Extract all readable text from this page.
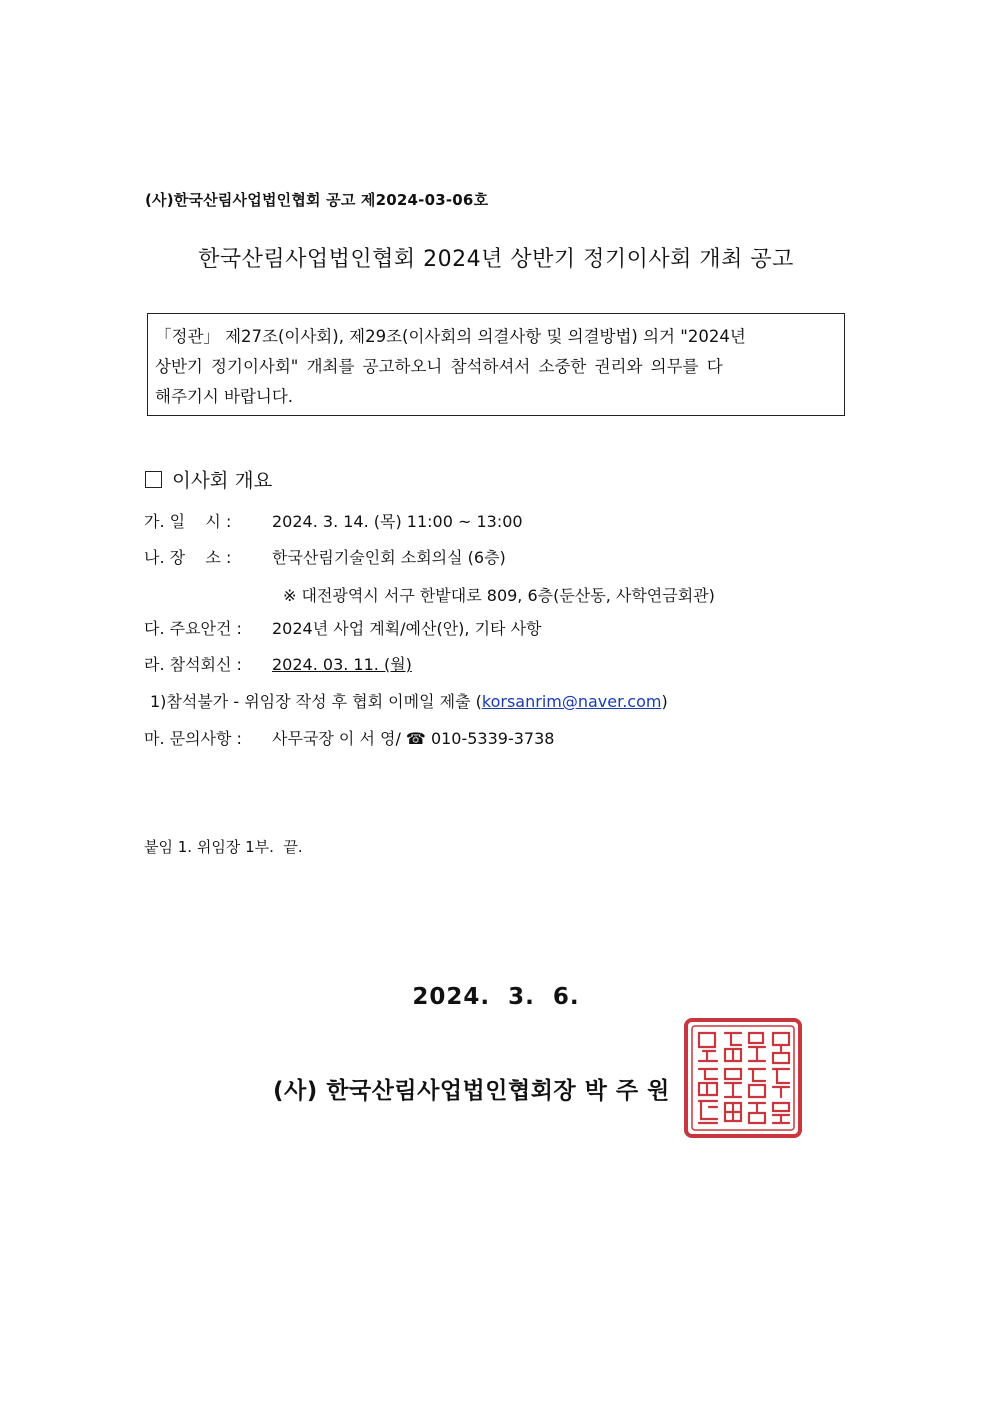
(사)한국산림사업법인협회 공고 제2024-03-06호
한국산림사업법인협회 2024년 상반기 정기이사회 개최 공고
「정관」 제27조(이사회), 제29조(이사회의 의결사항 및 의결방법) 의거 "2024년
상반기 정기이사회" 개최를 공고하오니 참석하셔서 소중한 권리와 의무를 다
해주기시 바랍니다.
이사회 개요
가. 일    시 :	2024. 3. 14. (목) 11:00 ~ 13:00
나. 장    소 :	한국산림기술인회 소회의실 (6층)
※ 대전광역시 서구 한밭대로 809, 6층(둔산동, 사학연금회관)
다. 주요안건 : 2024년 사업 계획/예산(안), 기타 사항
라. 참석회신 : 2024. 03. 11. (월)
1)참석불가 - 위임장 작성 후 협회 이메일 제출 (korsanrim@naver.com)
마. 문의사항 : 사무국장 이 서 영/ ☎ 010-5339-3738
붙임 1. 위임장 1부.  끝.
2024.  3.  6.
(사) 한국산림사업법인협회장 박 주 원
